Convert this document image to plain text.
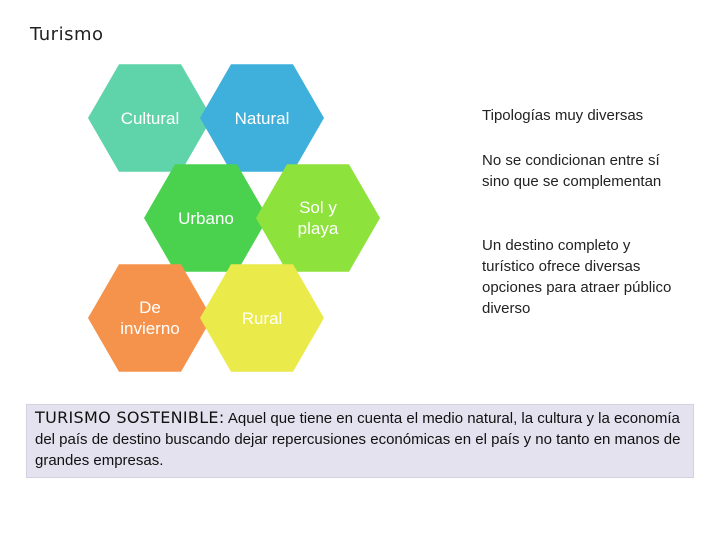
Turismo
Cultural	Natural
Urbano
Sol y
playa
De
invierno
Rural
Tipologías muy diversas
No se condicionan entre sí sino que se complementan
Un destino completo y turístico ofrece diversas opciones para atraer público diverso
TURISMO SOSTENIBLE: Aquel que tiene en cuenta el medio natural, la cultura y la economía del país de destino buscando dejar repercusiones económicas en el país y no tanto en manos de grandes empresas.
